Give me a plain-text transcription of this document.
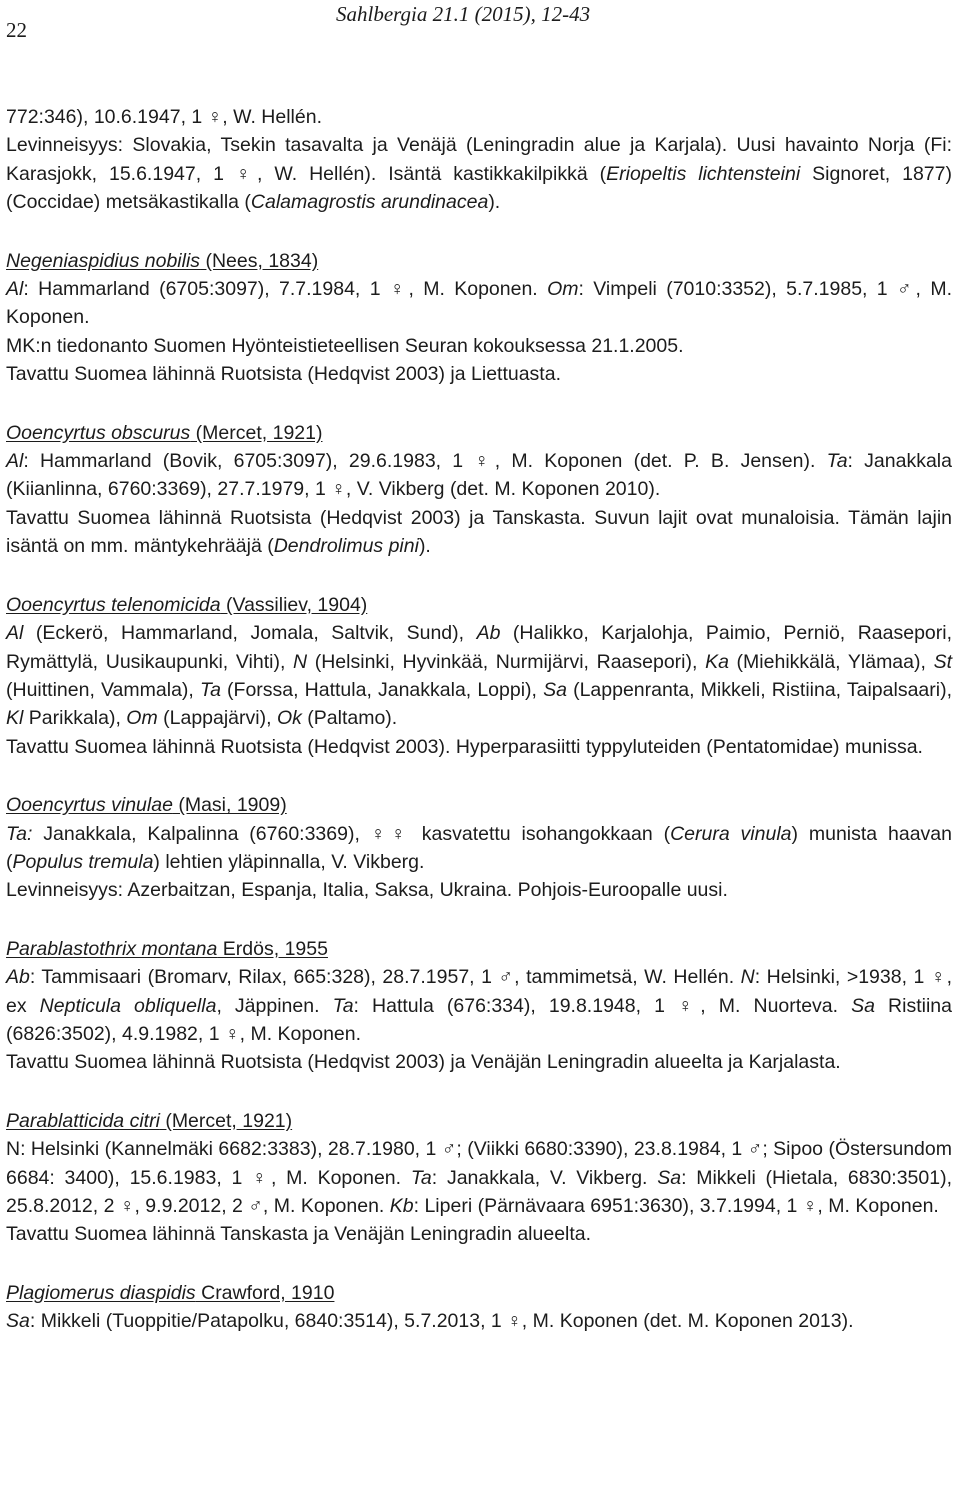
22
Sahlbergia 21.1 (2015), 12-43

772:346), 10.6.1947, 1 ♀, W. Hellén.

Levinneisyys: Slovakia, Tsekin tasavalta ja Venäjä (Leningradin alue ja Karjala). Uusi havainto Norja (Fi: Karasjokk, 15.6.1947, 1 ♀, W. Hellén). Isäntä kastikkakilpikkä (Eriopeltis lichtensteini Signoret, 1877) (Coccidae) metsäkastikalla (Calamagrostis arundinacea).

Negeniaspidius nobilis (Nees, 1834)

Al: Hammarland (6705:3097), 7.7.1984, 1 ♀, M. Koponen. Om: Vimpeli (7010:3352), 5.7.1985, 1 ♂, M. Koponen.

MK:n tiedonanto Suomen Hyönteistieteellisen Seuran kokouksessa 21.1.2005.

Tavattu Suomea lähinnä Ruotsista (Hedqvist 2003) ja Liettuasta.

Ooencyrtus obscurus (Mercet, 1921)

Al: Hammarland (Bovik, 6705:3097), 29.6.1983, 1 ♀, M. Koponen (det. P. B. Jensen). Ta: Janakkala (Kiianlinna, 6760:3369), 27.7.1979, 1 ♀, V. Vikberg (det. M. Koponen 2010).

Tavattu Suomea lähinnä Ruotsista (Hedqvist 2003) ja Tanskasta. Suvun lajit ovat munaloisia. Tämän lajin isäntä on mm. mäntykehrääjä (Dendrolimus pini).

Ooencyrtus telenomicida (Vassiliev, 1904)

Al (Eckerö, Hammarland, Jomala, Saltvik, Sund), Ab (Halikko, Karjalohja, Paimio, Perniö, Raasepori, Rymättylä, Uusikaupunki, Vihti), N (Helsinki, Hyvinkää, Nurmijärvi, Raasepori), Ka (Miehikkälä, Ylämaa), St (Huittinen, Vammala), Ta (Forssa, Hattula, Janakkala, Loppi), Sa (Lappenranta, Mikkeli, Ristiina, Taipalsaari), Kl Parikkala), Om (Lappajärvi), Ok (Paltamo).

Tavattu Suomea lähinnä Ruotsista (Hedqvist 2003). Hyperparasiitti typpyluteiden (Pentatomidae) munissa.

Ooencyrtus vinulae (Masi, 1909)

Ta: Janakkala, Kalpalinna (6760:3369), ♀♀ kasvatettu isohangokkaan (Cerura vinula) munista haavan (Populus tremula) lehtien yläpinnalla, V. Vikberg.

Levinneisyys: Azerbaitzan, Espanja, Italia, Saksa, Ukraina. Pohjois-Euroopalle uusi.

Parablastothrix montana Erdös, 1955

Ab: Tammisaari (Bromarv, Rilax, 665:328), 28.7.1957, 1 ♂, tammimetsä, W. Hellén. N: Helsinki, >1938, 1 ♀, ex Nepticula obliquella, Jäppinen. Ta: Hattula (676:334), 19.8.1948, 1 ♀, M. Nuorteva. Sa Ristiina (6826:3502), 4.9.1982, 1 ♀, M. Koponen.

Tavattu Suomea lähinnä Ruotsista (Hedqvist 2003) ja Venäjän Leningradin alueelta ja Karjalasta.

Parablatticida citri (Mercet, 1921)

N: Helsinki (Kannelmäki 6682:3383), 28.7.1980, 1 ♂; (Viikki 6680:3390), 23.8.1984, 1 ♂; Sipoo (Östersundom 6684: 3400), 15.6.1983, 1 ♀, M. Koponen. Ta: Janakkala, V. Vikberg. Sa: Mikkeli (Hietala, 6830:3501), 25.8.2012, 2 ♀, 9.9.2012, 2 ♂, M. Koponen. Kb: Liperi (Pärnävaara 6951:3630), 3.7.1994, 1 ♀, M. Koponen.

Tavattu Suomea lähinnä Tanskasta ja Venäjän Leningradin alueelta.

Plagiomerus diaspidis Crawford, 1910

Sa: Mikkeli (Tuoppitie/Patapolku, 6840:3514), 5.7.2013, 1 ♀, M. Koponen (det. M. Koponen 2013).
